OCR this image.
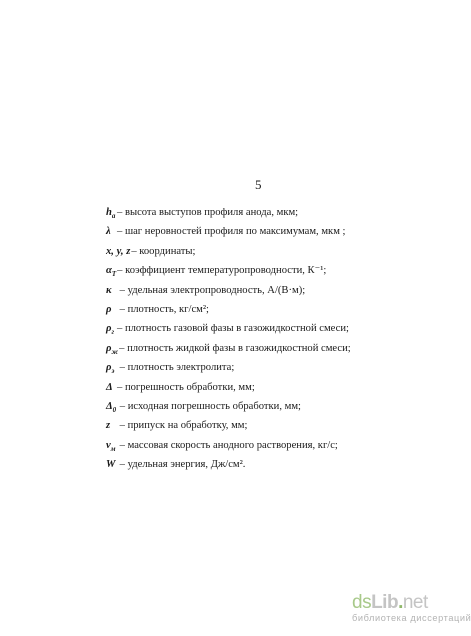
5
$h_a$ – высота выступов профиля анода, мкм;
λ – шаг неровностей профиля по максимумам, мкм ;
x, y, z– координаты;
$\alpha_T-$ коэффициент температуропроводности, К⁻¹;
κ – удельная электропроводность, А/(В·м);
ρ – плотность, кг/см²;
$\rho_г$ – плотность газовой фазы в газожидкостной смеси;
$\rho_ж-$ плотность жидкой фазы в газожидкостной смеси;
$\rho_э$ – плотность электролита;
Δ – погрешность обработки, мм;
$\Delta_0$ – исходная погрешность обработки, мм;
z – припуск на обработку, мм;
$v_м$ – массовая скорость анодного растворения, кг/с;
W – удельная энергия, Дж/см².
ds Lib . net
библиотека диссертаций
